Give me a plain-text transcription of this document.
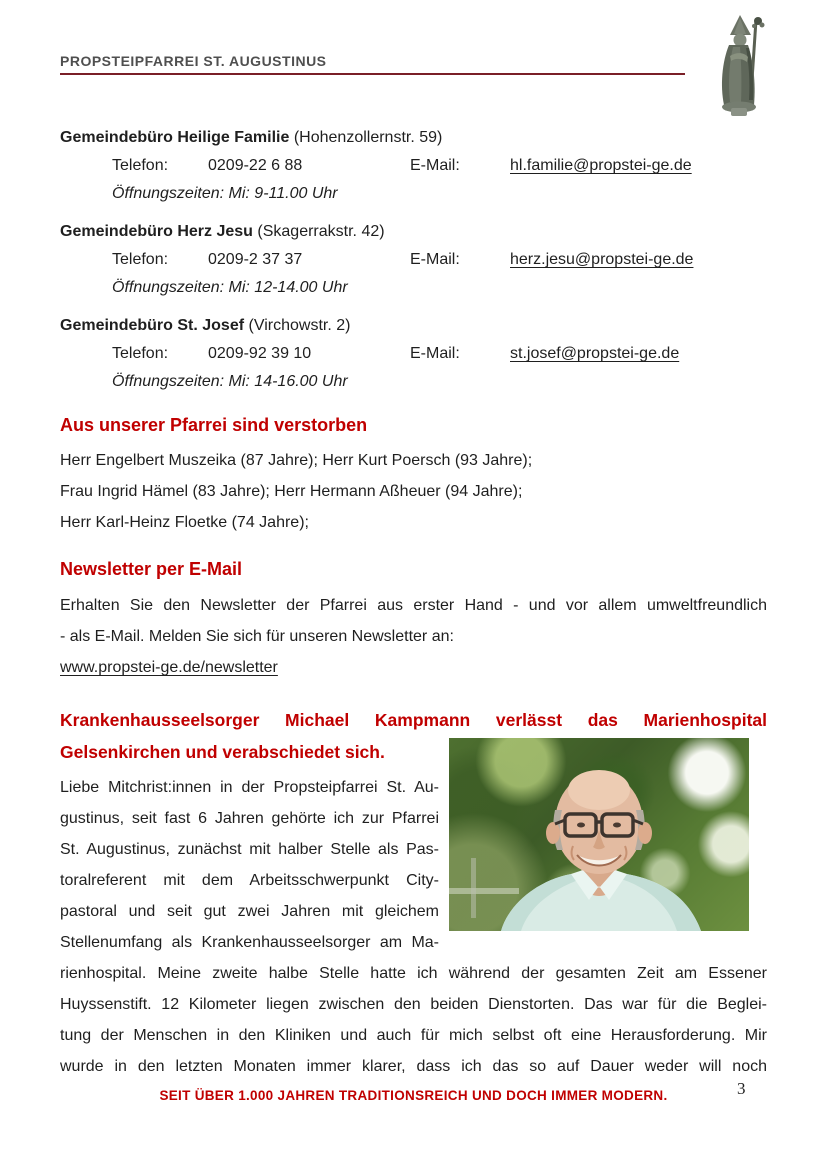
PROPSTEIPFARREI ST. AUGUSTINUS
Gemeindebüro Heilige Familie (Hohenzollernstr. 59)
Telefon:	0209-22 6 88	E-Mail:	hl.familie@propstei-ge.de
Öffnungszeiten: Mi: 9-11.00 Uhr
Gemeindebüro Herz Jesu (Skagerrakstr. 42)
Telefon:	0209-2 37 37	E-Mail:	herz.jesu@propstei-ge.de
Öffnungszeiten: Mi: 12-14.00 Uhr
Gemeindebüro St. Josef (Virchowstr. 2)
Telefon:	0209-92 39 10	E-Mail:	st.josef@propstei-ge.de
Öffnungszeiten: Mi: 14-16.00 Uhr
Aus unserer Pfarrei sind verstorben
Herr Engelbert Muszeika (87 Jahre); Herr Kurt Poersch (93 Jahre);
Frau Ingrid Hämel (83 Jahre); Herr Hermann Aßheuer (94 Jahre);
Herr Karl-Heinz Floetke (74 Jahre);
Newsletter per E-Mail
Erhalten Sie den Newsletter der Pfarrei aus erster Hand - und vor allem umweltfreundlich
- als E-Mail. Melden Sie sich für unseren Newsletter an:
www.propstei-ge.de/newsletter
Krankenhausseelsorger Michael Kampmann verlässt das Marienhospital
Gelsenkirchen und verabschiedet sich.
Liebe Mitchrist:innen in der Propsteipfarrei St. Au-
gustinus, seit fast 6 Jahren gehörte ich zur Pfarrei
St. Augustinus, zunächst mit halber Stelle als Pas-
toralreferent mit dem Arbeitsschwerpunkt City-
pastoral und seit gut zwei Jahren mit gleichem
Stellenumfang als Krankenhausseelsorger am Ma-
rienhospital. Meine zweite halbe Stelle hatte ich während der gesamten Zeit am Essener
Huyssenstift. 12 Kilometer liegen zwischen den beiden Dienstorten. Das war für die Beglei-
tung der Menschen in den Kliniken und auch für mich selbst oft eine Herausforderung. Mir
wurde in den letzten Monaten immer klarer, dass ich das so auf Dauer weder will noch
SEIT ÜBER 1.000 JAHREN TRADITIONSREICH UND DOCH IMMER MODERN.	3
